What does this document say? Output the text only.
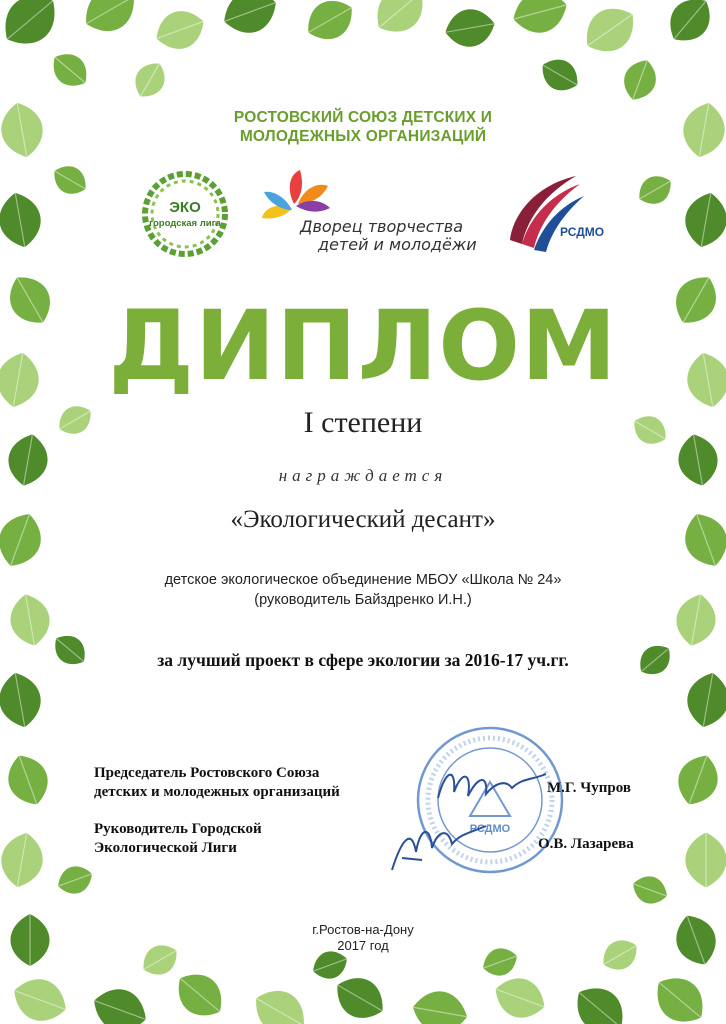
РОСТОВСКИЙ СОЮЗ ДЕТСКИХ И
МОЛОДЕЖНЫХ ОРГАНИЗАЦИЙ
ЭКО
городская лига	Дворец творчества
детей и молодёжи
РСДМО
ДИПЛОМ
I степени
награждается
«Экологический десант»
детское экологическое объединение МБОУ «Школа № 24»
(руководитель Байздренко И.Н.)
за лучший проект в сфере экологии за 2016-17 уч.гг.
РСДМО
Председатель Ростовского Союза
детских и молодежных организаций	М.Г. Чупров
Руководитель Городской
Экологической Лиги	О.В. Лазарева
г.Ростов-на-Дону
2017 год
